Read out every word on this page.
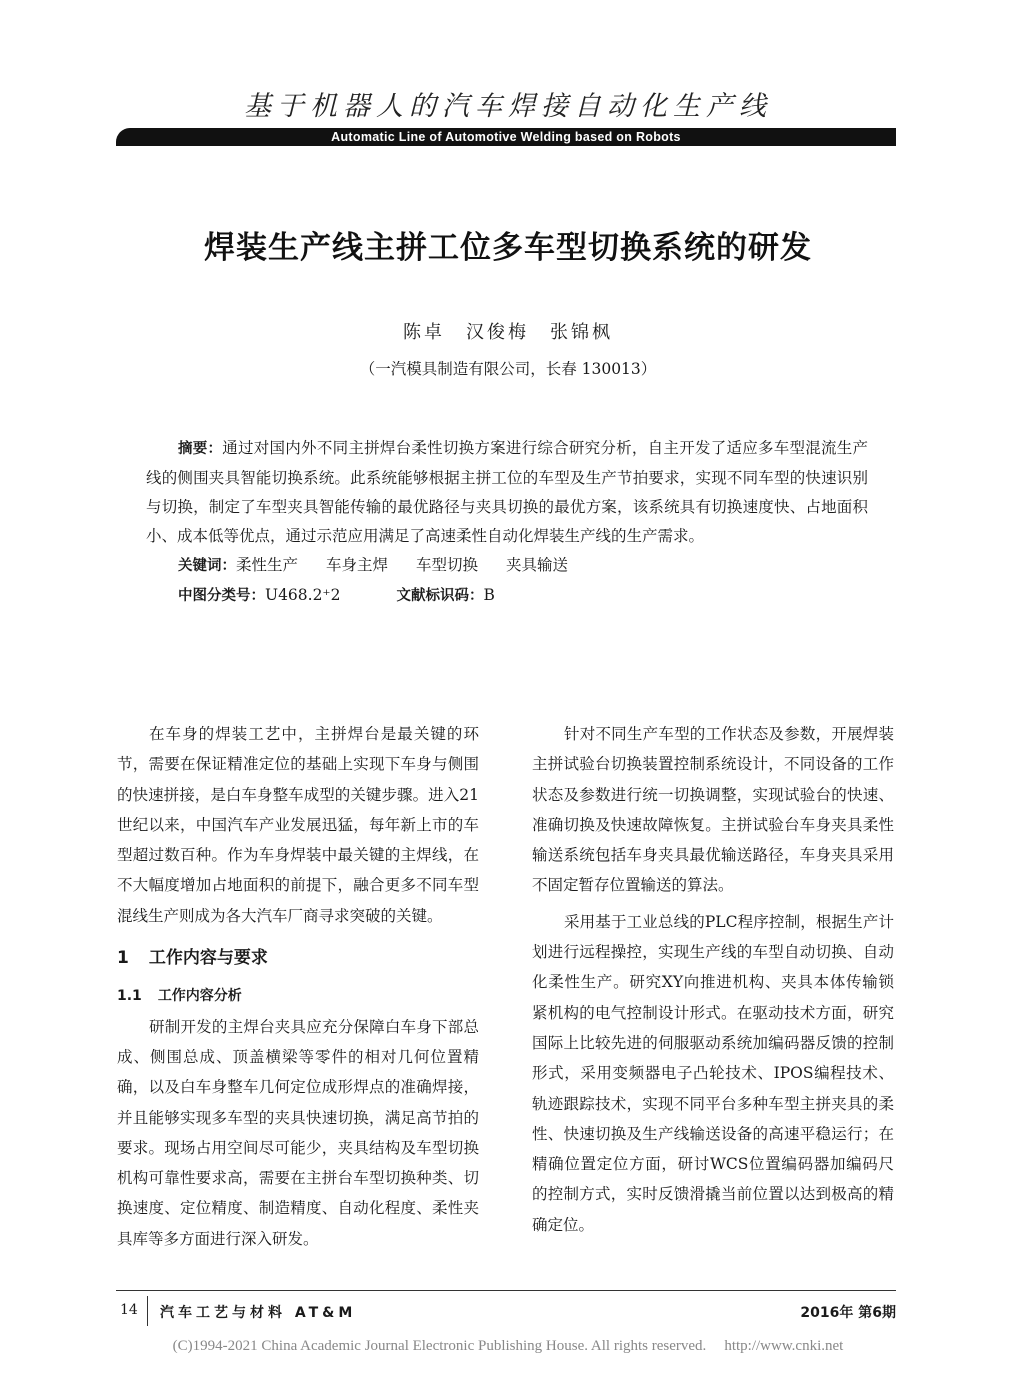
基于机器人的汽车焊接自动化生产线
Automatic Line of Automotive Welding based on Robots
焊装生产线主拼工位多车型切换系统的研发
陈卓　汉俊梅　张锦枫
（一汽模具制造有限公司，长春 130013）
摘要：通过对国内外不同主拼焊台柔性切换方案进行综合研究分析，自主开发了适应多车型混流生产线的侧围夹具智能切换系统。此系统能够根据主拼工位的车型及生产节拍要求，实现不同车型的快速识别与切换，制定了车型夹具智能传输的最优路径与夹具切换的最优方案，该系统具有切换速度快、占地面积小、成本低等优点，通过示范应用满足了高速柔性自动化焊装生产线的生产需求。
关键词：柔性生产 车身主焊 车型切换 夹具输送
中图分类号：U468.2⁺2	文献标识码：B

在车身的焊装工艺中，主拼焊台是最关键的环节，需要在保证精准定位的基础上实现下车身与侧围的快速拼接，是白车身整车成型的关键步骤。进入21世纪以来，中国汽车产业发展迅猛，每年新上市的车型超过数百种。作为车身焊装中最关键的主焊线，在不大幅度增加占地面积的前提下，融合更多不同车型混线生产则成为各大汽车厂商寻求突破的关键。

1 工作内容与要求
1.1 工作内容分析

研制开发的主焊台夹具应充分保障白车身下部总成、侧围总成、顶盖横梁等零件的相对几何位置精确，以及白车身整车几何定位成形焊点的准确焊接，并且能够实现多车型的夹具快速切换，满足高节拍的要求。现场占用空间尽可能少，夹具结构及车型切换机构可靠性要求高，需要在主拼台车型切换种类、切换速度、定位精度、制造精度、自动化程度、柔性夹具库等多方面进行深入研发。

针对不同生产车型的工作状态及参数，开展焊装主拼试验台切换装置控制系统设计，不同设备的工作状态及参数进行统一切换调整，实现试验台的快速、准确切换及快速故障恢复。主拼试验台车身夹具柔性输送系统包括车身夹具最优输送路径，车身夹具采用不固定暂存位置输送的算法。

采用基于工业总线的PLC程序控制，根据生产计划进行远程操控，实现生产线的车型自动切换、自动化柔性生产。研究XY向推进机构、夹具本体传输锁紧机构的电气控制设计形式。在驱动技术方面，研究国际上比较先进的伺服驱动系统加编码器反馈的控制形式，采用变频器电子凸轮技术、IPOS编程技术、轨迹跟踪技术，实现不同平台多种车型主拼夹具的柔性、快速切换及生产线输送设备的高速平稳运行；在精确位置定位方面，研讨WCS位置编码器加编码尺的控制方式，实时反馈滑撬当前位置以达到极高的精确定位。

14 汽车工艺与材料 AT&M	2016年 第6期
(C)1994-2021 China Academic Journal Electronic Publishing House. All rights reserved. http://www.cnki.net
